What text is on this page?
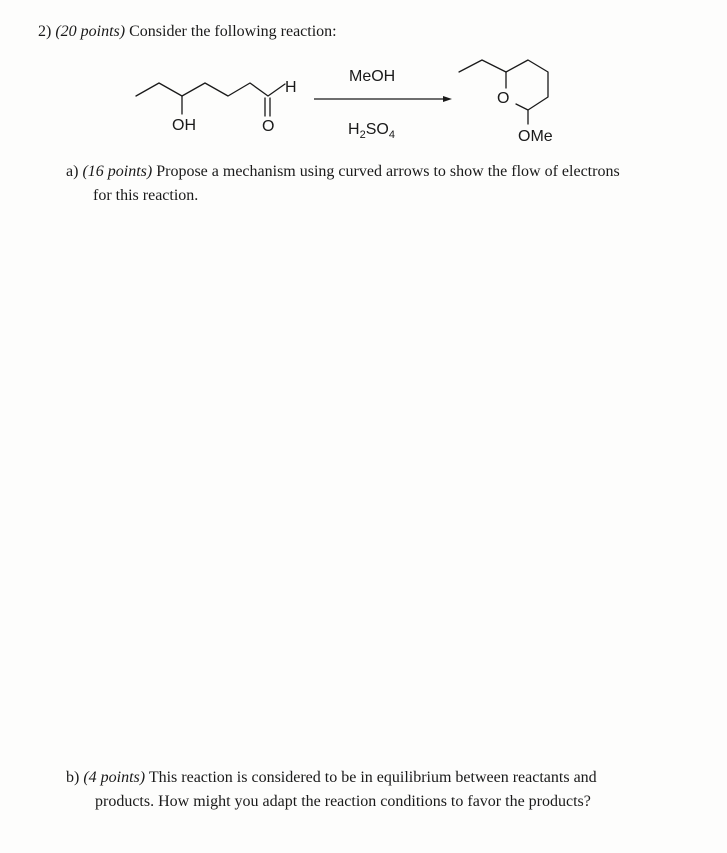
2) (20 points) Consider the following reaction:
OH
H
O
MeOH
$H_2SO_4$
O
OMe
a) (16 points) Propose a mechanism using curved arrows to show the flow of electrons
for this reaction.
b) (4 points) This reaction is considered to be in equilibrium between reactants and
products. How might you adapt the reaction conditions to favor the products?
